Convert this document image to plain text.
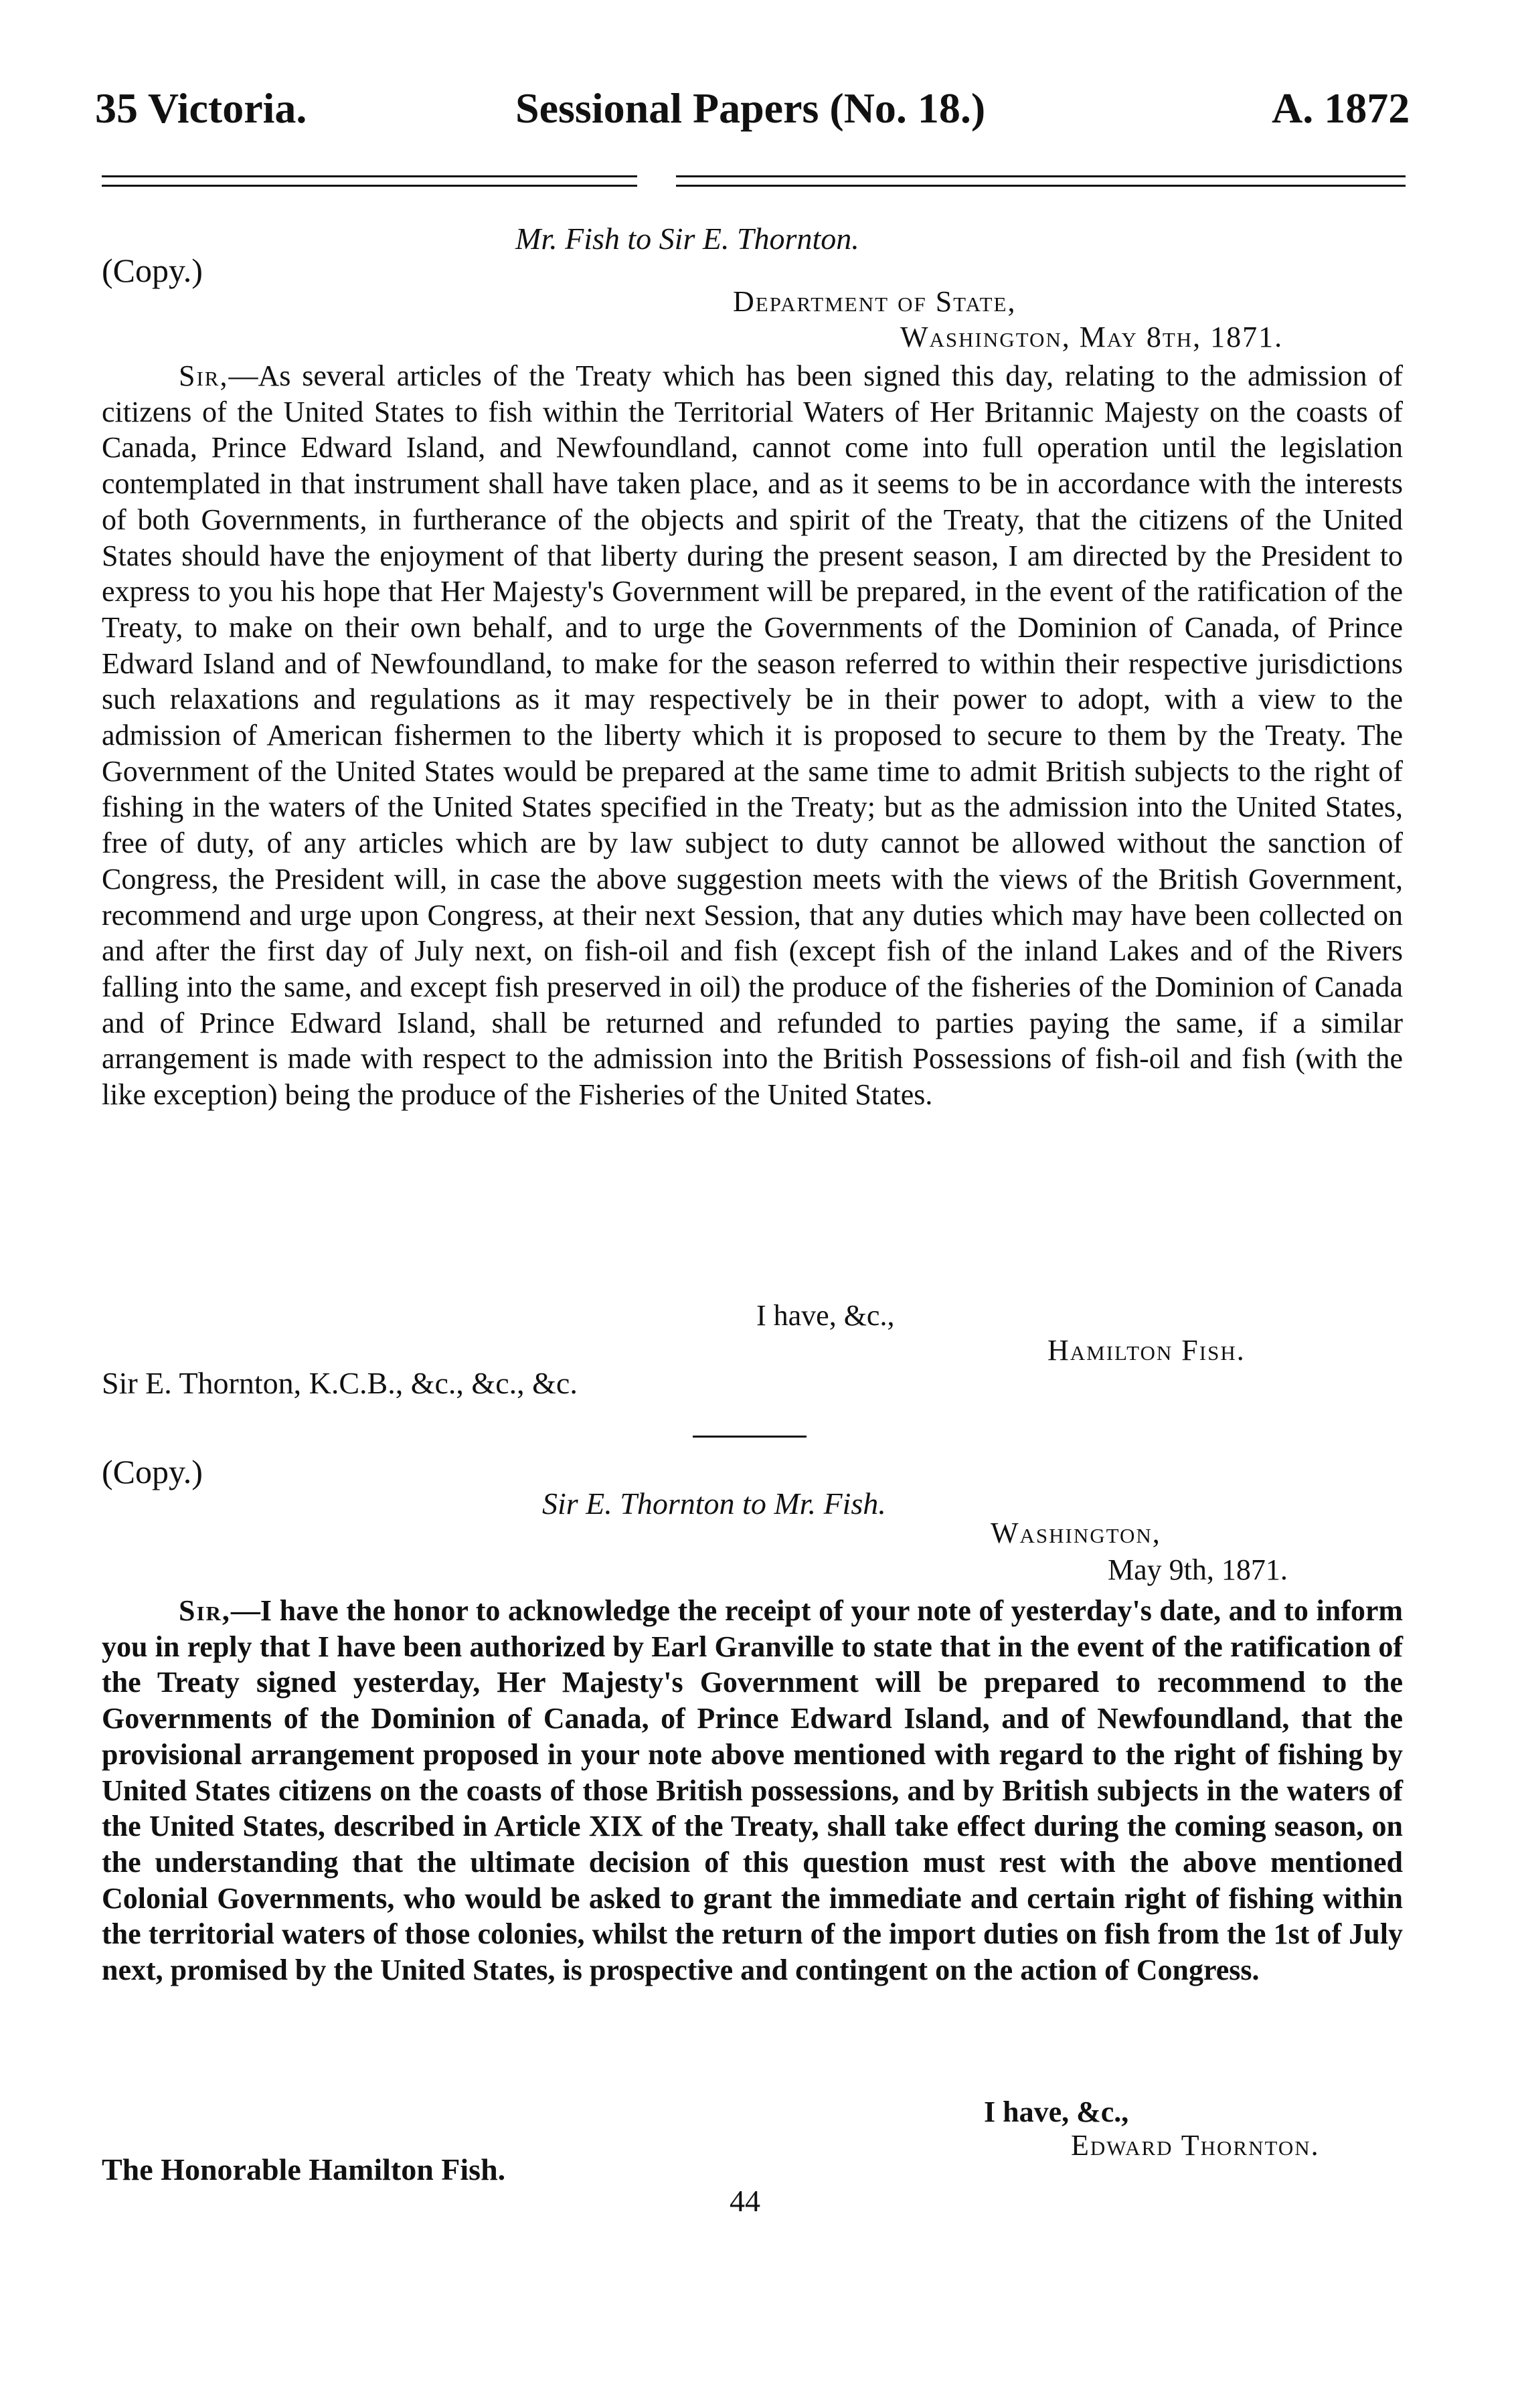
35 Victoria.	Sessional Papers (No. 18.)	A. 1872
(Copy.)
Mr. Fish to Sir E. Thornton.
Department of State,
Washington, May 8th, 1871.

Sir,—As several articles of the Treaty which has been signed this day, relating to the admission of citizens of the United States to fish within the Territorial Waters of Her Britannic Majesty on the coasts of Canada, Prince Edward Island, and Newfoundland, cannot come into full operation until the legislation contemplated in that instrument shall have taken place, and as it seems to be in accordance with the interests of both Governments, in furtherance of the objects and spirit of the Treaty, that the citizens of the United States should have the enjoyment of that liberty during the present season, I am directed by the President to express to you his hope that Her Majesty's Government will be prepared, in the event of the ratification of the Treaty, to make on their own behalf, and to urge the Governments of the Dominion of Canada, of Prince Edward Island and of Newfoundland, to make for the season referred to within their respective jurisdictions such relaxations and regulations as it may respectively be in their power to adopt, with a view to the admission of American fishermen to the liberty which it is proposed to secure to them by the Treaty. The Government of the United States would be prepared at the same time to admit British subjects to the right of fishing in the waters of the United States specified in the Treaty; but as the admission into the United States, free of duty, of any articles which are by law subject to duty cannot be allowed without the sanction of Congress, the President will, in case the above suggestion meets with the views of the British Government, recommend and urge upon Congress, at their next Session, that any duties which may have been collected on and after the first day of July next, on fish-oil and fish (except fish of the inland Lakes and of the Rivers falling into the same, and except fish preserved in oil) the produce of the fisheries of the Dominion of Canada and of Prince Edward Island, shall be returned and refunded to parties paying the same, if a similar arrangement is made with respect to the admission into the British Possessions of fish-oil and fish (with the like exception) being the produce of the Fisheries of the United States.

I have, &c.,
Hamilton Fish.
Sir E. Thornton, K.C.B., &c., &c., &c.
(Copy.)
Sir E. Thornton to Mr. Fish.
Washington,
May 9th, 1871.

Sir,—I have the honor to acknowledge the receipt of your note of yesterday's date, and to inform you in reply that I have been authorized by Earl Granville to state that in the event of the ratification of the Treaty signed yesterday, Her Majesty's Government will be prepared to recommend to the Governments of the Dominion of Canada, of Prince Edward Island, and of Newfoundland, that the provisional arrangement proposed in your note above mentioned with regard to the right of fishing by United States citizens on the coasts of those British possessions, and by British subjects in the waters of the United States, described in Article XIX of the Treaty, shall take effect during the coming season, on the understanding that the ultimate decision of this question must rest with the above mentioned Colonial Governments, who would be asked to grant the immediate and certain right of fishing within the territorial waters of those colonies, whilst the return of the import duties on fish from the 1st of July next, promised by the United States, is prospective and contingent on the action of Congress.

I have, &c.,
Edward Thornton.
The Honorable Hamilton Fish.
44
